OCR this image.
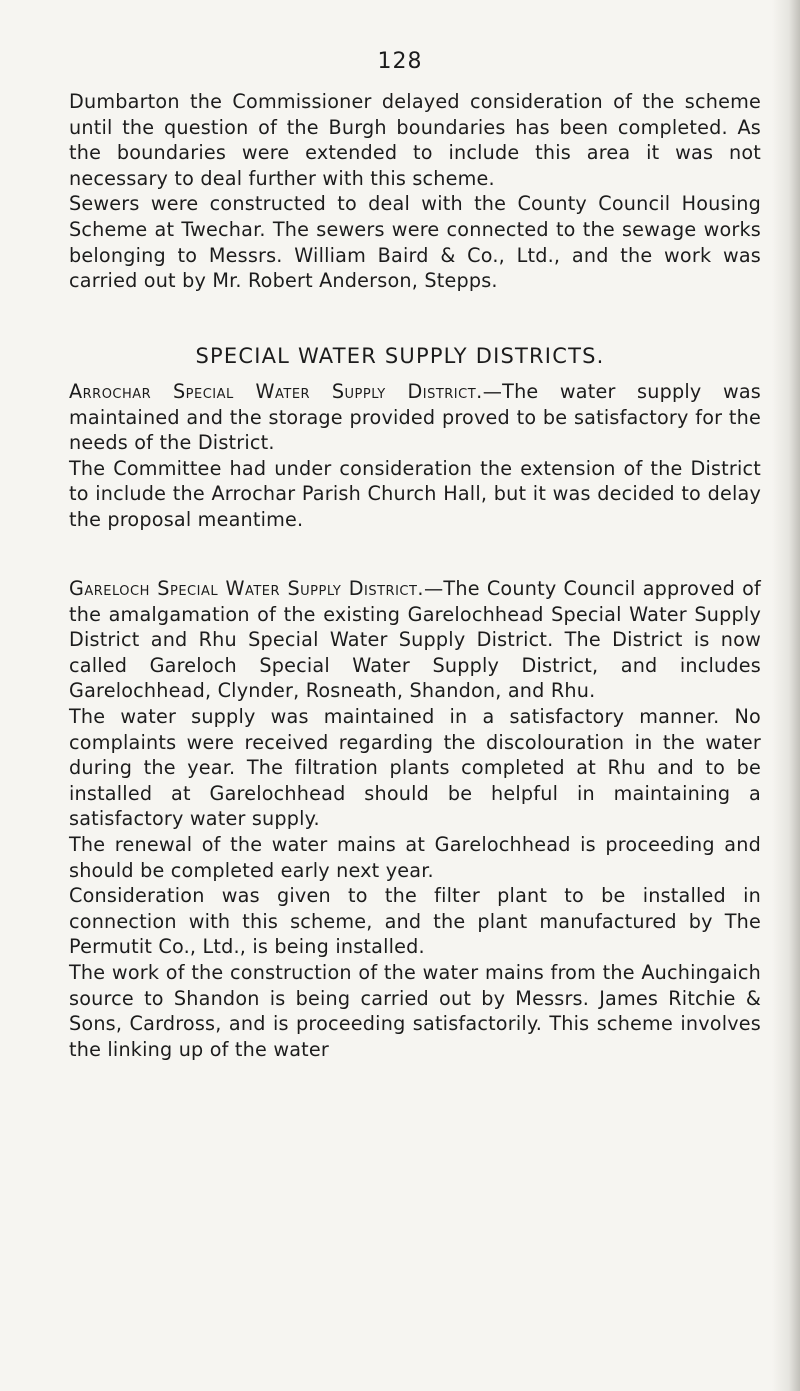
128

Dumbarton the Commissioner delayed consideration of the scheme until the question of the Burgh boundaries has been completed. As the boundaries were extended to include this area it was not necessary to deal further with this scheme.

Sewers were constructed to deal with the County Council Housing Scheme at Twechar. The sewers were connected to the sewage works belonging to Messrs. William Baird & Co., Ltd., and the work was carried out by Mr. Robert Anderson, Stepps.

SPECIAL WATER SUPPLY DISTRICTS.

Arrochar Special Water Supply District.—The water supply was maintained and the storage provided proved to be satisfactory for the needs of the District.

The Committee had under consideration the extension of the District to include the Arrochar Parish Church Hall, but it was decided to delay the proposal meantime.

Gareloch Special Water Supply District.—The County Council approved of the amalgamation of the existing Garelochhead Special Water Supply District and Rhu Special Water Supply District. The District is now called Gareloch Special Water Supply District, and includes Garelochhead, Clynder, Rosneath, Shandon, and Rhu.

The water supply was maintained in a satisfactory manner. No complaints were received regarding the discolouration in the water during the year. The filtration plants completed at Rhu and to be installed at Garelochhead should be helpful in maintaining a satisfactory water supply.

The renewal of the water mains at Garelochhead is proceeding and should be completed early next year.

Consideration was given to the filter plant to be installed in connection with this scheme, and the plant manufactured by The Permutit Co., Ltd., is being installed.

The work of the construction of the water mains from the Auchingaich source to Shandon is being carried out by Messrs. James Ritchie & Sons, Cardross, and is proceeding satisfactorily. This scheme involves the linking up of the water
